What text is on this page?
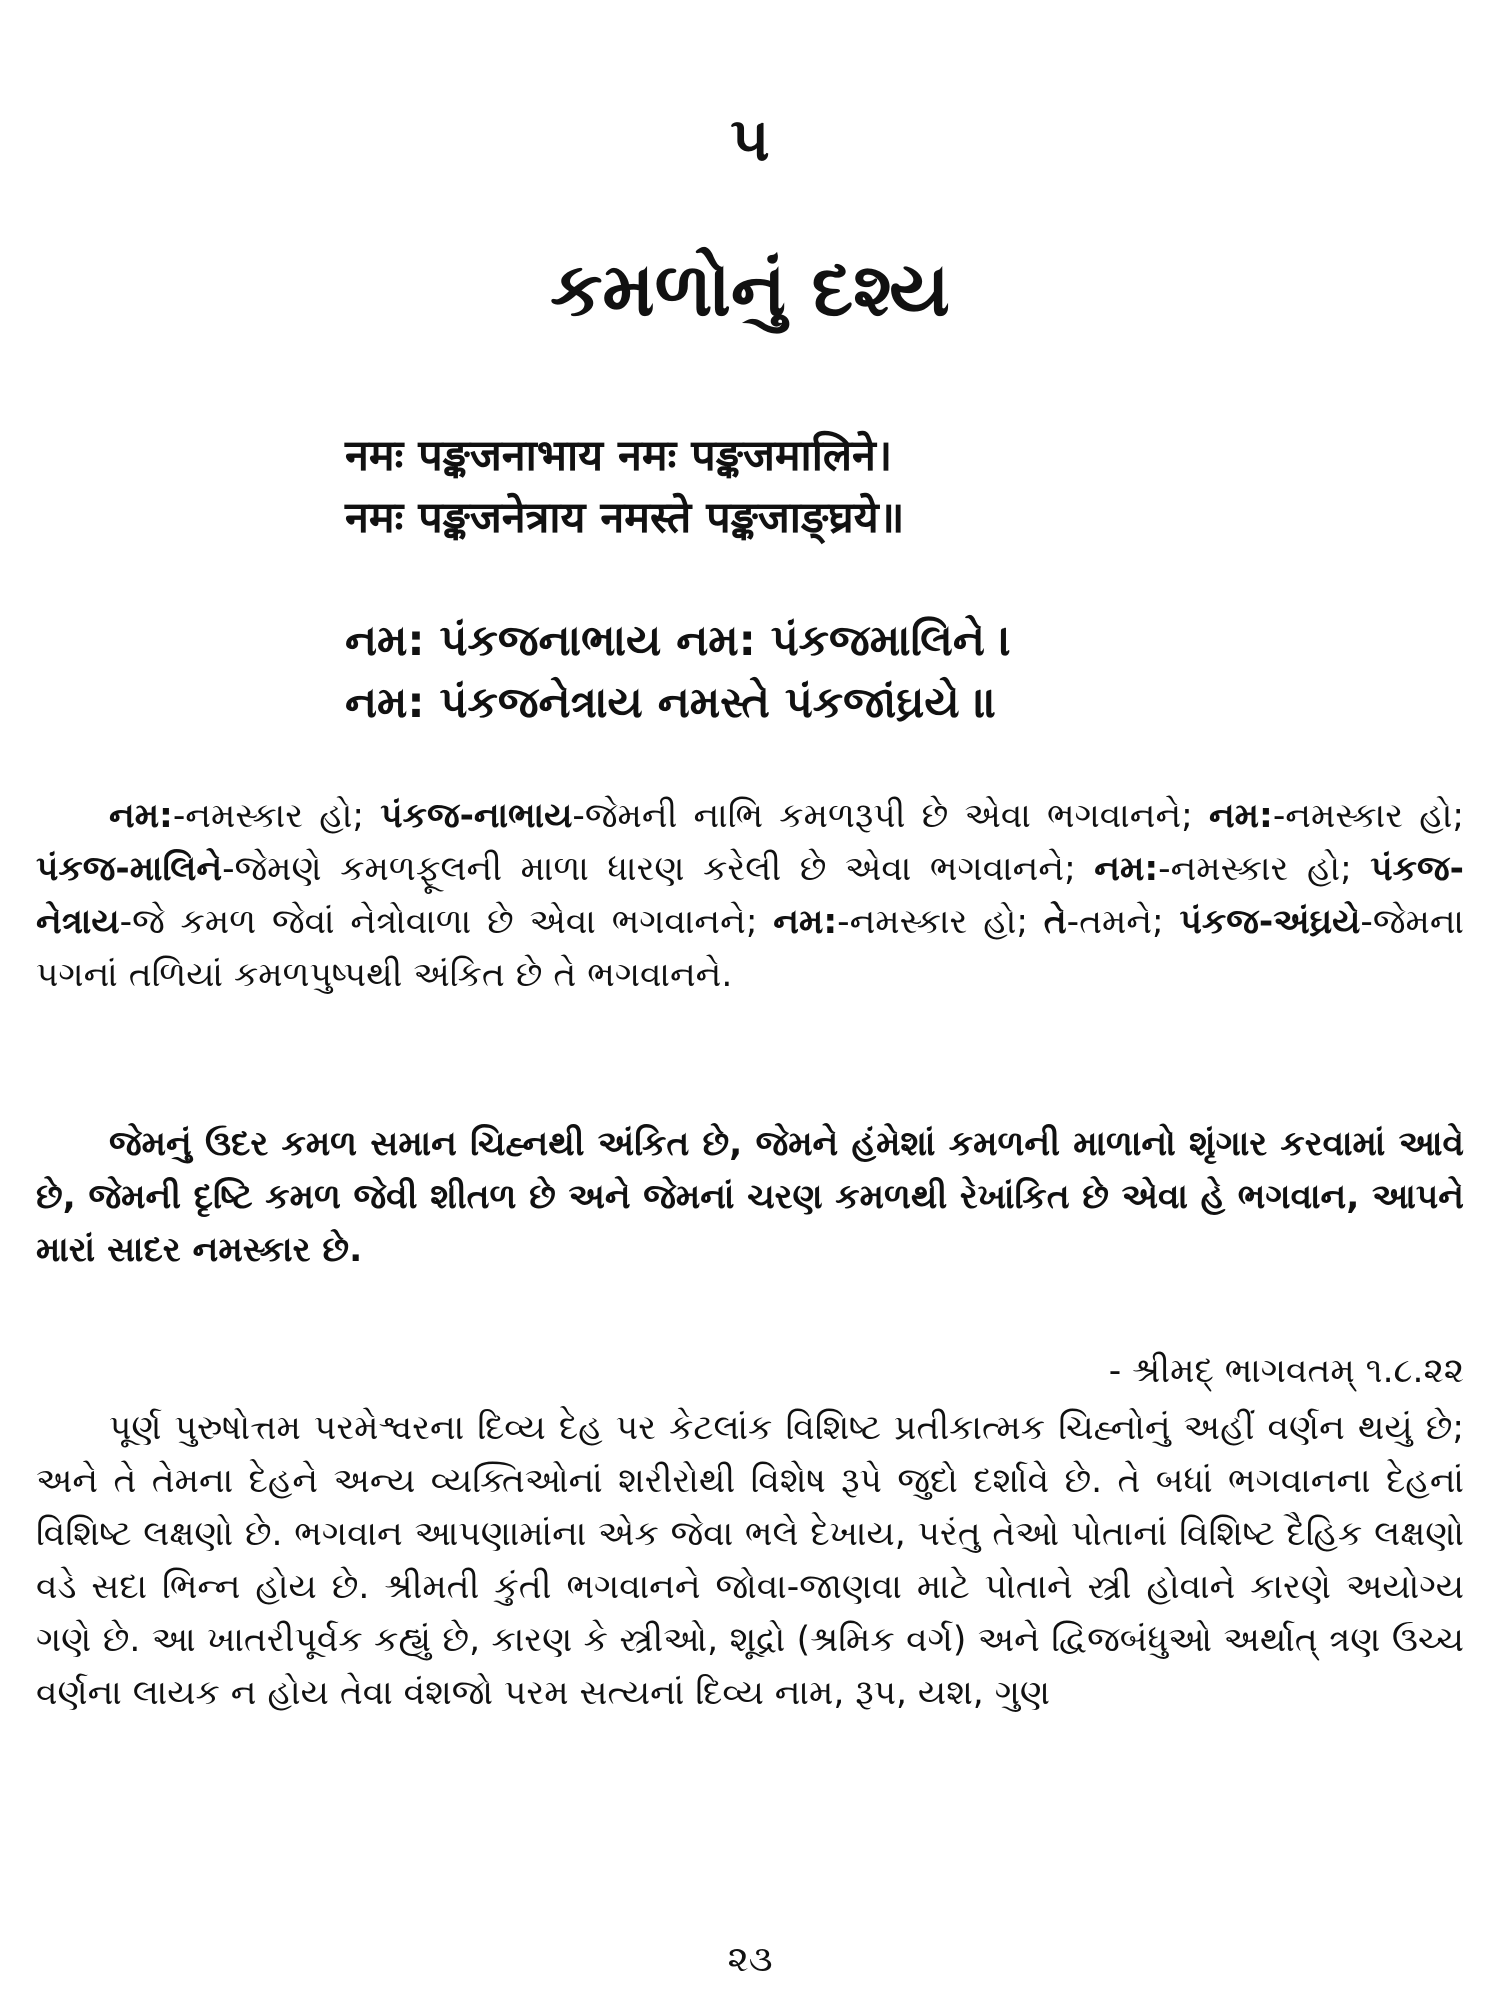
૫
કમળોનું દશ્ય
नमः पङ्कजनाभाय नमः पङ्कजमालिने।
नमः पङ्कजनेत्राय नमस्ते पङ्कजाङ्घ्रये॥
નમ: પંકજનાભાય નમ: પંકજમાલિને ।
નમ: પંકજનેત્રાય નમસ્તે પંકજાંઘ્રયે ॥

નમ:-નમસ્કાર હો; પંકજ-નાભાય-જેમની નાભિ કમળરૂપી છે એવા ભગવાનને; નમ:-નમસ્કાર હો; પંકજ-માલિને-જેમણે કમળફૂલની માળા ધારણ કરેલી છે એવા ભગવાનને; નમ:-નમસ્કાર હો; પંકજ-નેત્રાય-જે કમળ જેવાં નેત્રોવાળા છે એવા ભગવાનને; નમ:-નમસ્કાર હો; તે-તમને; પંકજ-અંઘ્રયે-જેમના પગનાં તળિયાં કમળપુષ્પથી અંકિત છે તે ભગવાનને.

જેમનું ઉદર કમળ સમાન ચિહ્નથી અંકિત છે, જેમને હંમેશાં કમળની માળાનો શૃંગાર કરવામાં આવે છે, જેમની દૃષ્ટિ કમળ જેવી શીતળ છે અને જેમનાં ચરણ કમળથી રેખાંકિત છે એવા હે ભગવાન, આપને મારાં સાદર નમસ્કાર છે.

- શ્રીમદ્ ભાગવતમ્ ૧.૮.૨૨

પૂર્ણ પુરુષોત્તમ પરમેશ્વરના દિવ્ય દેહ પર કેટલાંક વિશિષ્ટ પ્રતીકાત્મક ચિહ્નોનું અહીં વર્ણન થયું છે; અને તે તેમના દેહને અન્ય વ્યક્તિઓનાં શરીરોથી વિશેષ રૂપે જુદો દર્શાવે છે. તે બધાં ભગવાનના દેહનાં વિશિષ્ટ લક્ષણો છે. ભગવાન આપણામાંના એક જેવા ભલે દેખાય, પરંતુ તેઓ પોતાનાં વિશિષ્ટ દૈહિક લક્ષણો વડે સદા ભિન્ન હોય છે. શ્રીમતી કુંતી ભગવાનને જોવા-જાણવા માટે પોતાને સ્ત્રી હોવાને કારણે અયોગ્ય ગણે છે. આ ખાતરીપૂર્વક કહ્યું છે, કારણ કે સ્ત્રીઓ, શૂદ્રો (શ્રમિક વર્ગ) અને દ્વિજબંધુઓ અર્થાત્ ત્રણ ઉચ્ચ વર્ણના લાયક ન હોય તેવા વંશજો પરમ સત્યનાં દિવ્ય નામ, રૂપ, યશ, ગુણ

૨૩
